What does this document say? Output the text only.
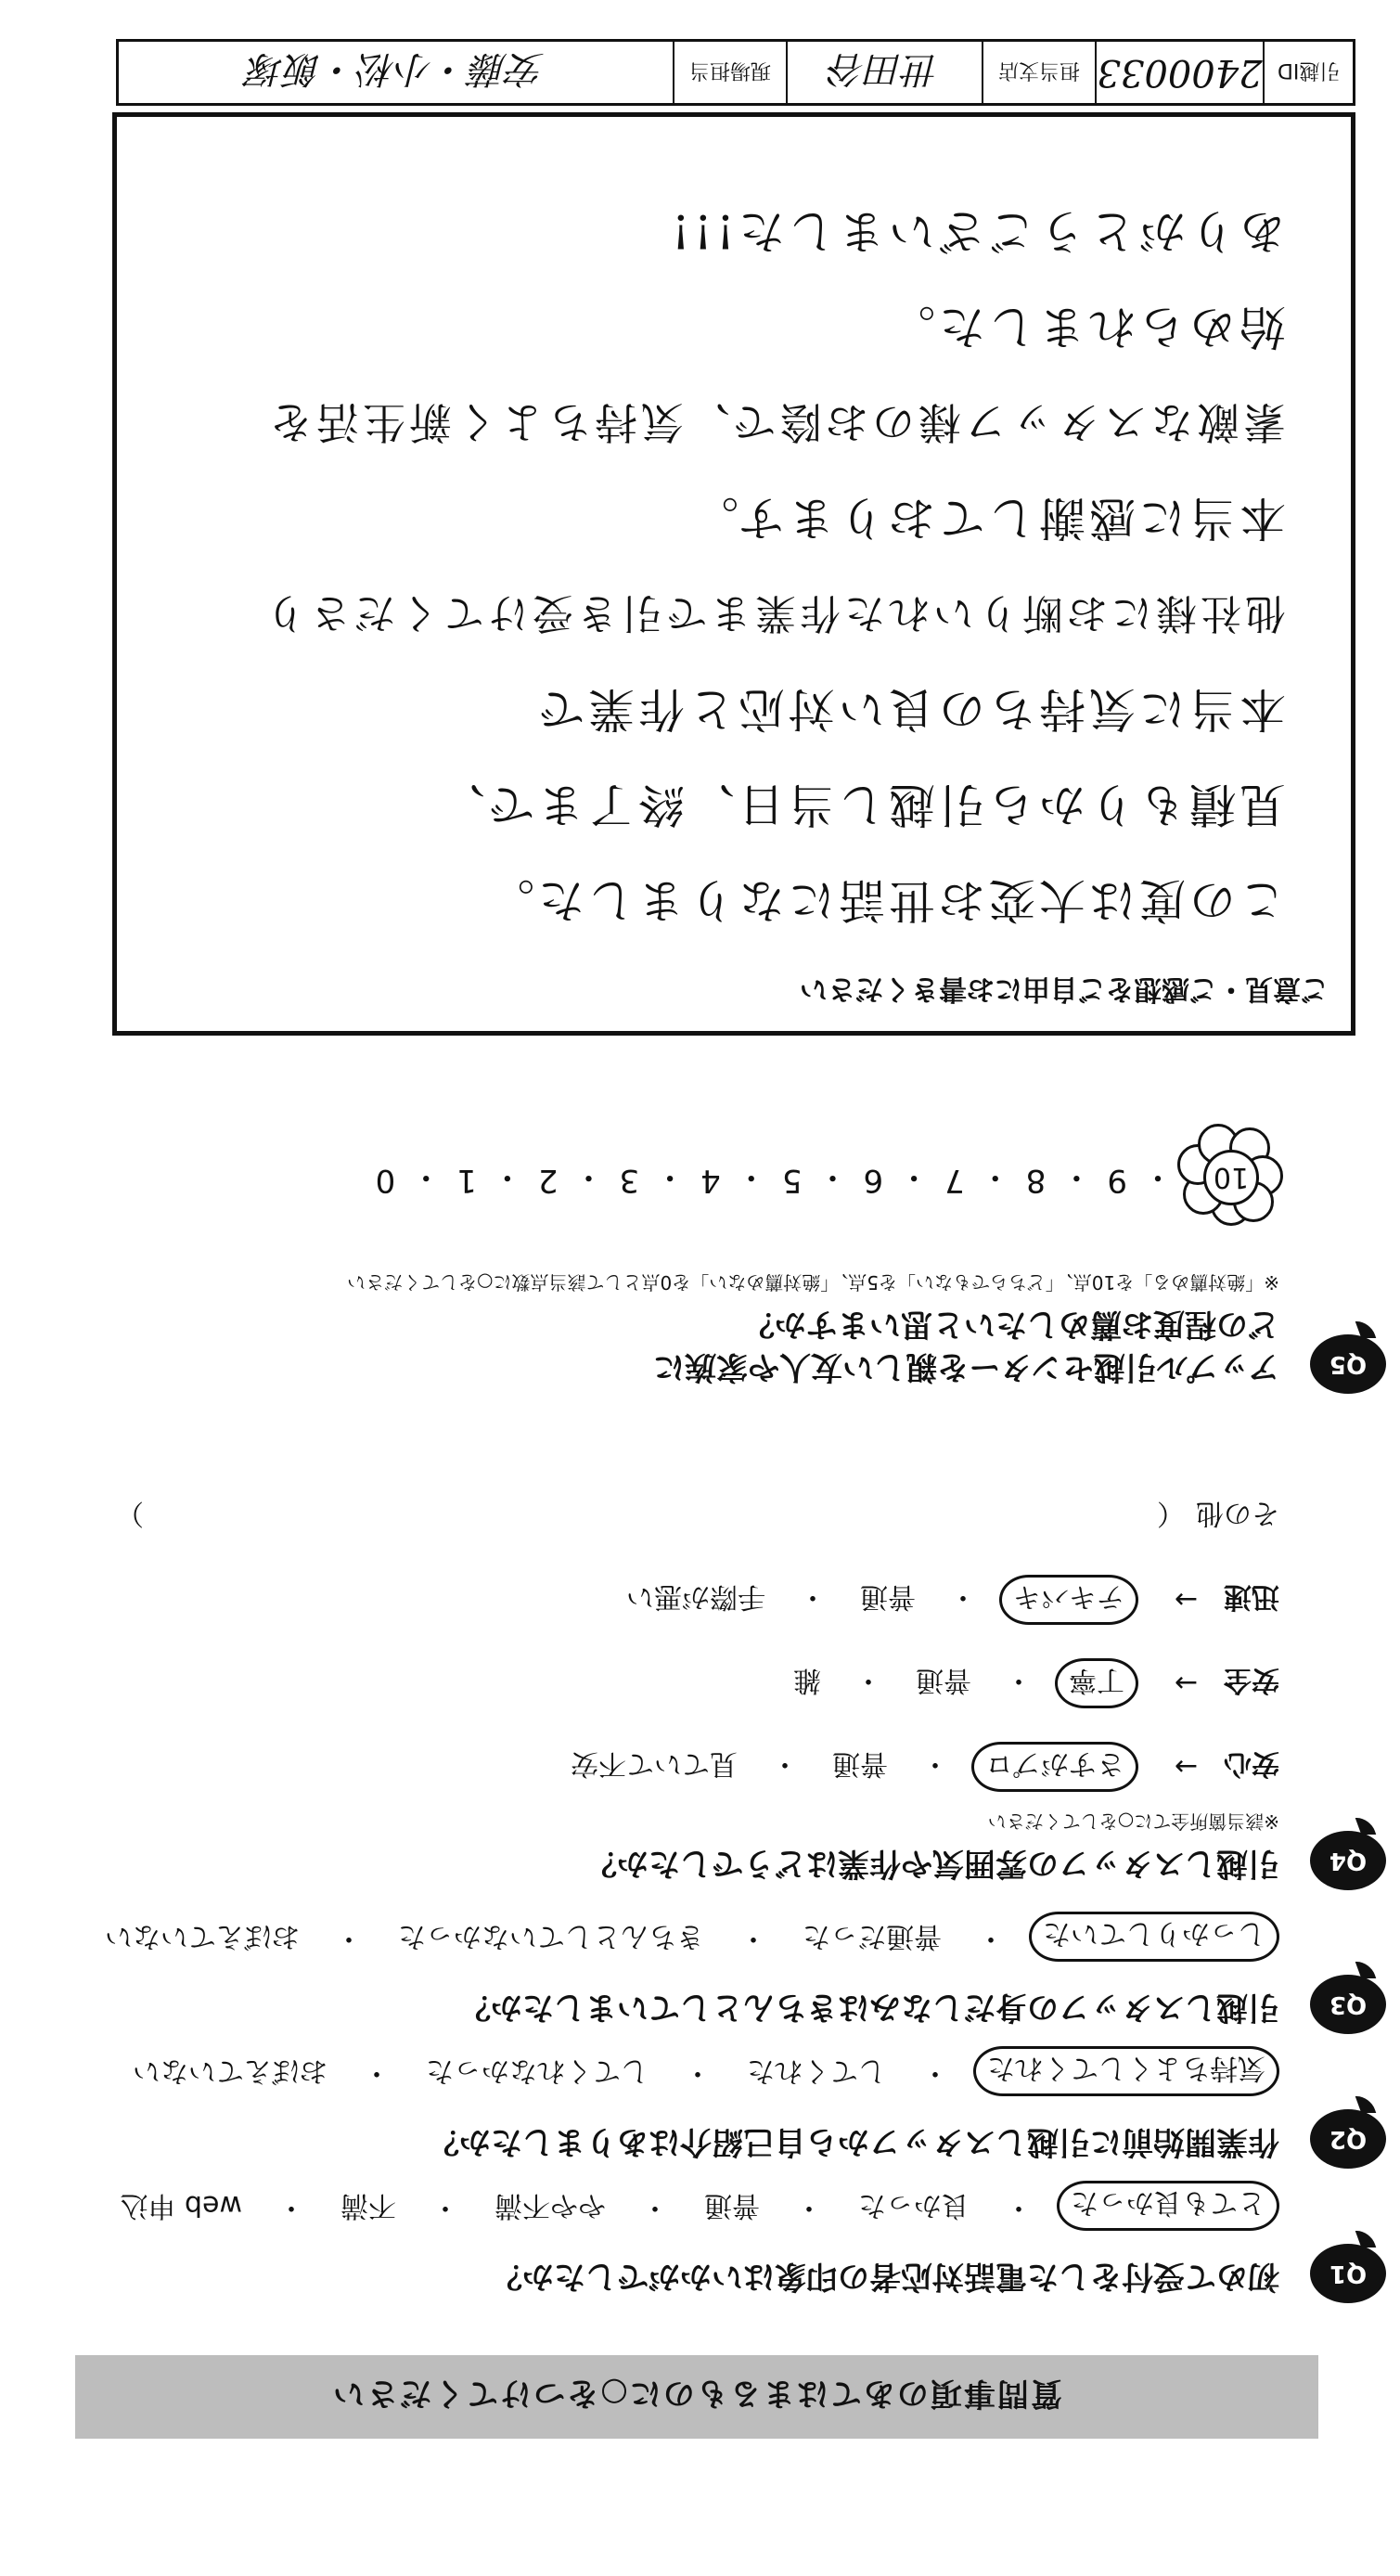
質問事項のあてはまるものに○をつけてください
Q1
初めて受付をした電話対応者の印象はいかがでしたか？
とても良かった
・
良かった
・
普通
・
やや不満
・
不満
・
web 申込
Q2
作業開始前に引越しスタッフから自己紹介はありましたか？
気持ちよくしてくれた
・
してくれた
・
してくれなかった
・
おぼえていない
Q3
引越しスタッフの身だしなみはきちんとしていましたか？
しっかりしていた
・
普通だった
・
きちんとしていなかった
・
おぼえていない
Q4
引越しスタッフの雰囲気や作業はどうでしたか？
※該当箇所全てに○をしてください
安心
→
さすがプロ
・
普通
・
見ていて不安
安全
→
丁寧
・
普通
・
雑
迅速
→
テキパキ
・
普通
・
手際が悪い
その他
（
）
Q5
アップル引越センターを親しい友人や家族に
どの程度お薦めしたいと思いますか？
※「絶対薦める」を10点、「どちらでもない」を5点、「絶対薦めない」を0点として該当点数に○をしてください
10
・
9
・
8
・
7
・
6
・
5
・
4
・
3
・
2
・
1
・
0
ご意見・ご感想をご自由にお書きください
この度は大変お世話になりました。
見積もりから引越し当日、終了まで、
本当に気持ちの良い対応と作業で
他社様にお断りいれた作業まで引き受けてくださり
本当に感謝しております。
素敵なスタッフ様のお陰で、気持ちよく新生活を
始められました。
ありがとうございました!!!
引越ID
2400033
担当支店
世田谷
現場担当
安藤・小松・飯塚
